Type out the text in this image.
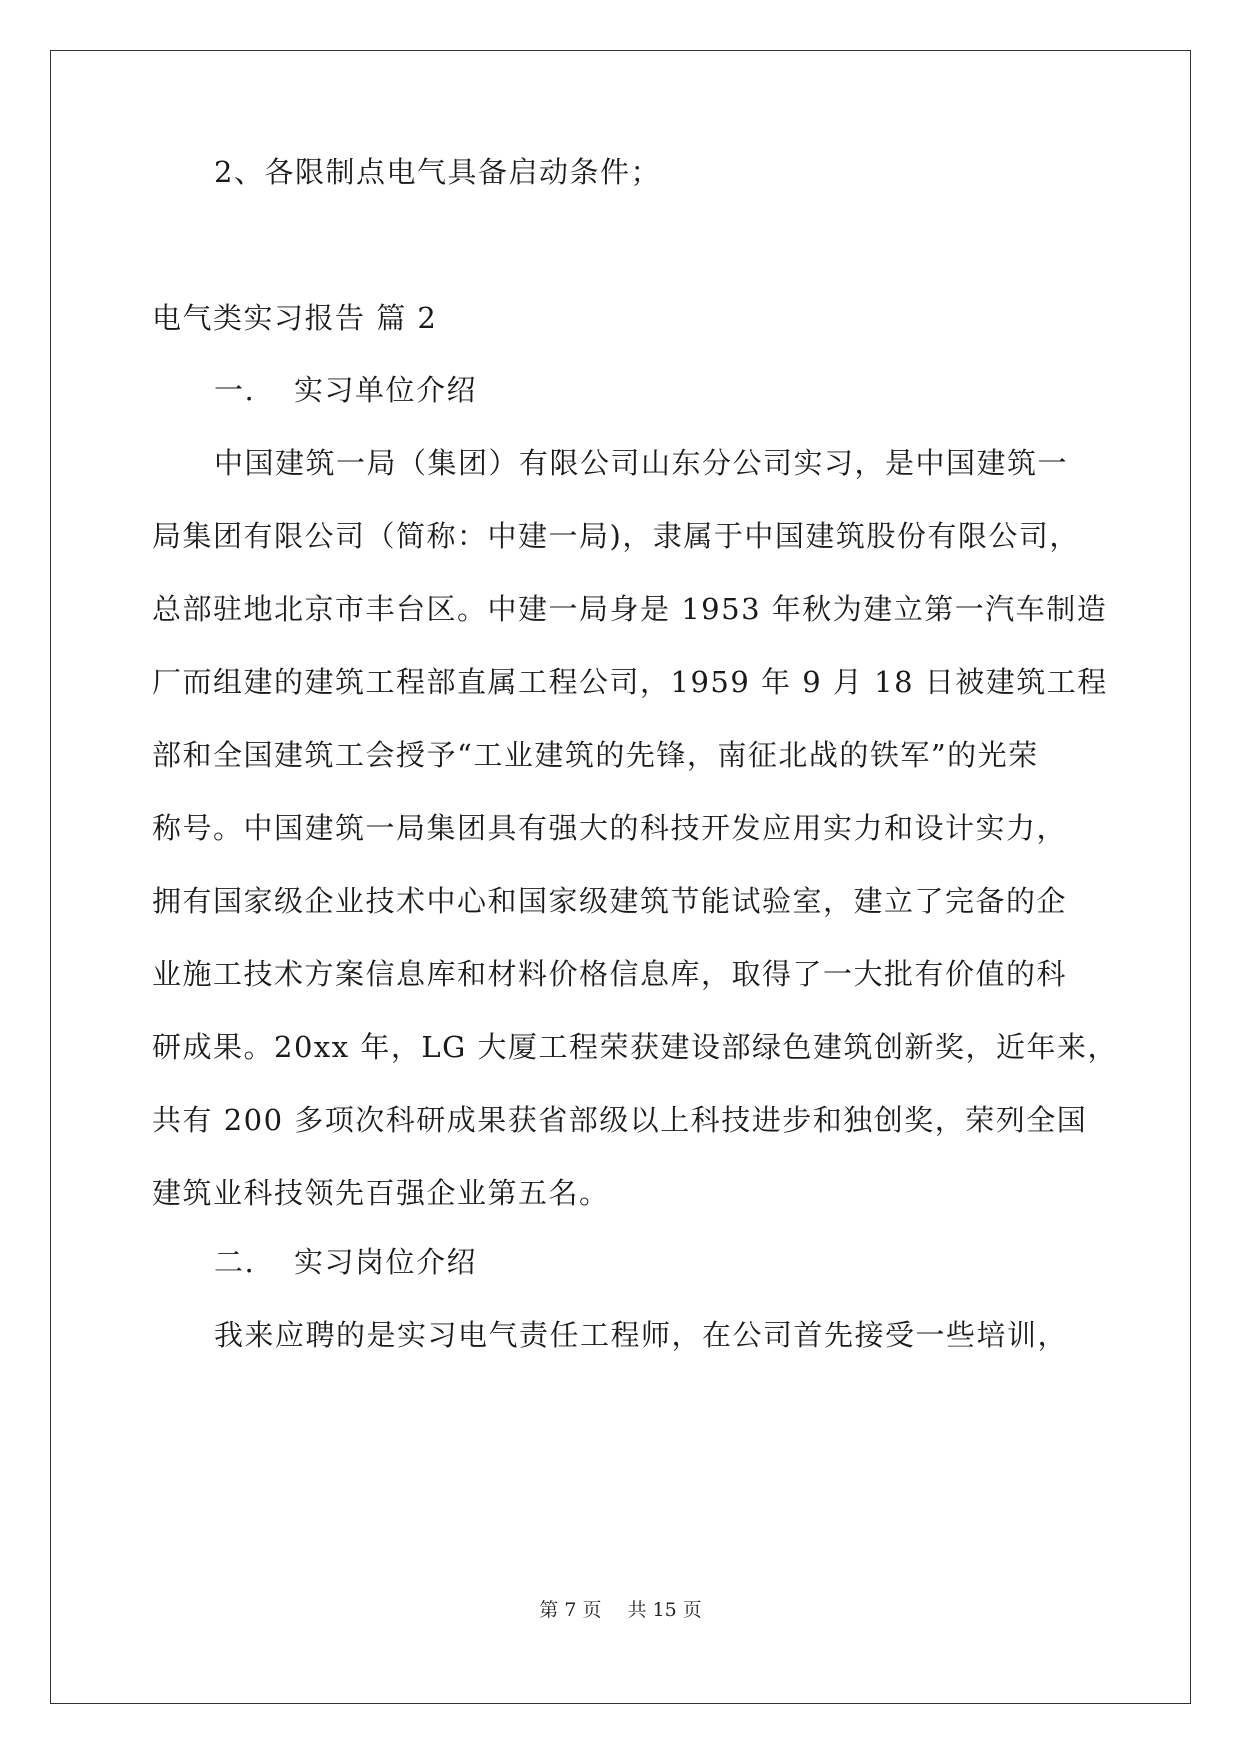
2、各限制点电气具备启动条件；
电气类实习报告 篇 2
一. 实习单位介绍
中国建筑一局（集团）有限公司山东分公司实习，是中国建筑一
局集团有限公司（简称：中建一局)，隶属于中国建筑股份有限公司，
总部驻地北京市丰台区。中建一局身是 1953 年秋为建立第一汽车制造
厂而组建的建筑工程部直属工程公司，1959 年 9 月 18 日被建筑工程
部和全国建筑工会授予“工业建筑的先锋，南征北战的铁军”的光荣
称号。中国建筑一局集团具有强大的科技开发应用实力和设计实力，
拥有国家级企业技术中心和国家级建筑节能试验室，建立了完备的企
业施工技术方案信息库和材料价格信息库，取得了一大批有价值的科
研成果。20xx 年，LG 大厦工程荣获建设部绿色建筑创新奖，近年来，
共有 200 多项次科研成果获省部级以上科技进步和独创奖，荣列全国
建筑业科技领先百强企业第五名。
二. 实习岗位介绍
我来应聘的是实习电气责任工程师，在公司首先接受一些培训，
第 7 页 共 15 页
